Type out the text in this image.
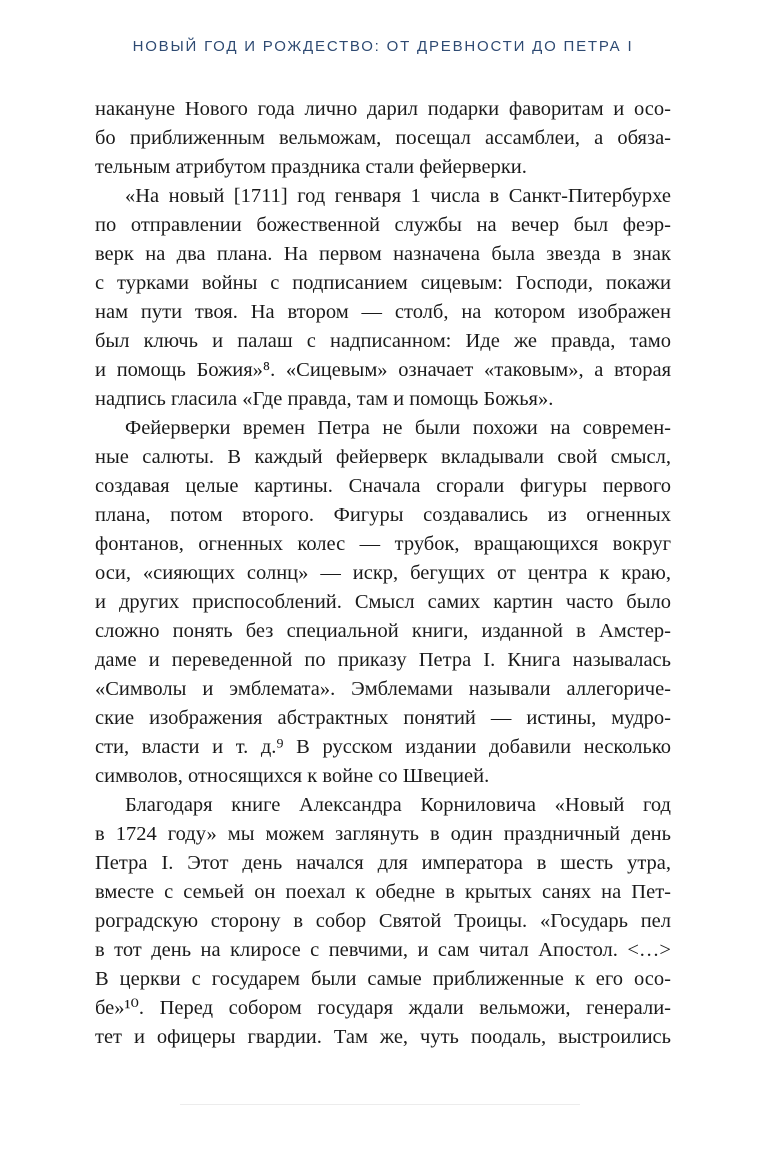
НОВЫЙ ГОД И РОЖДЕСТВО: ОТ ДРЕВНОСТИ ДО ПЕТРА I
накануне Нового года лично дарил подарки фаворитам и осо-
бо приближенным вельможам, посещал ассамблеи, а обяза-
тельным атрибутом праздника стали фейерверки.
«На новый [1711] год генваря 1 числа в Санкт-Питербурхе
по отправлении божественной службы на вечер был феэр-
верк на два плана. На первом назначена была звезда в знак
с турками войны с подписанием сицевым: Господи, покажи
нам пути твоя. На втором — столб, на котором изображен
был ключь и палаш с надписанном: Иде же правда, тамо
и помощь Божия»⁸. «Сицевым» означает «таковым», а вторая
надпись гласила «Где правда, там и помощь Божья».
Фейерверки времен Петра не были похожи на современ-
ные салюты. В каждый фейерверк вкладывали свой смысл,
создавая целые картины. Сначала сгорали фигуры первого
плана, потом второго. Фигуры создавались из огненных
фонтанов, огненных колес — трубок, вращающихся вокруг
оси, «сияющих солнц» — искр, бегущих от центра к краю,
и других приспособлений. Смысл самих картин часто было
сложно понять без специальной книги, изданной в Амстер-
даме и переведенной по приказу Петра I. Книга называлась
«Символы и эмблемата». Эмблемами называли аллегориче-
ские изображения абстрактных понятий — истины, мудро-
сти, власти и т. д.⁹ В русском издании добавили несколько
символов, относящихся к войне со Швецией.
Благодаря книге Александра Корниловича «Новый год
в 1724 году» мы можем заглянуть в один праздничный день
Петра I. Этот день начался для императора в шесть утра,
вместе с семьей он поехал к обедне в крытых санях на Пет-
роградскую сторону в собор Святой Троицы. «Государь пел
в тот день на клиросе с певчими, и сам читал Апостол. <…>
В церкви с государем были самые приближенные к его осо-
бе»¹⁰. Перед собором государя ждали вельможи, генерали-
тет и офицеры гвардии. Там же, чуть поодаль, выстроились
